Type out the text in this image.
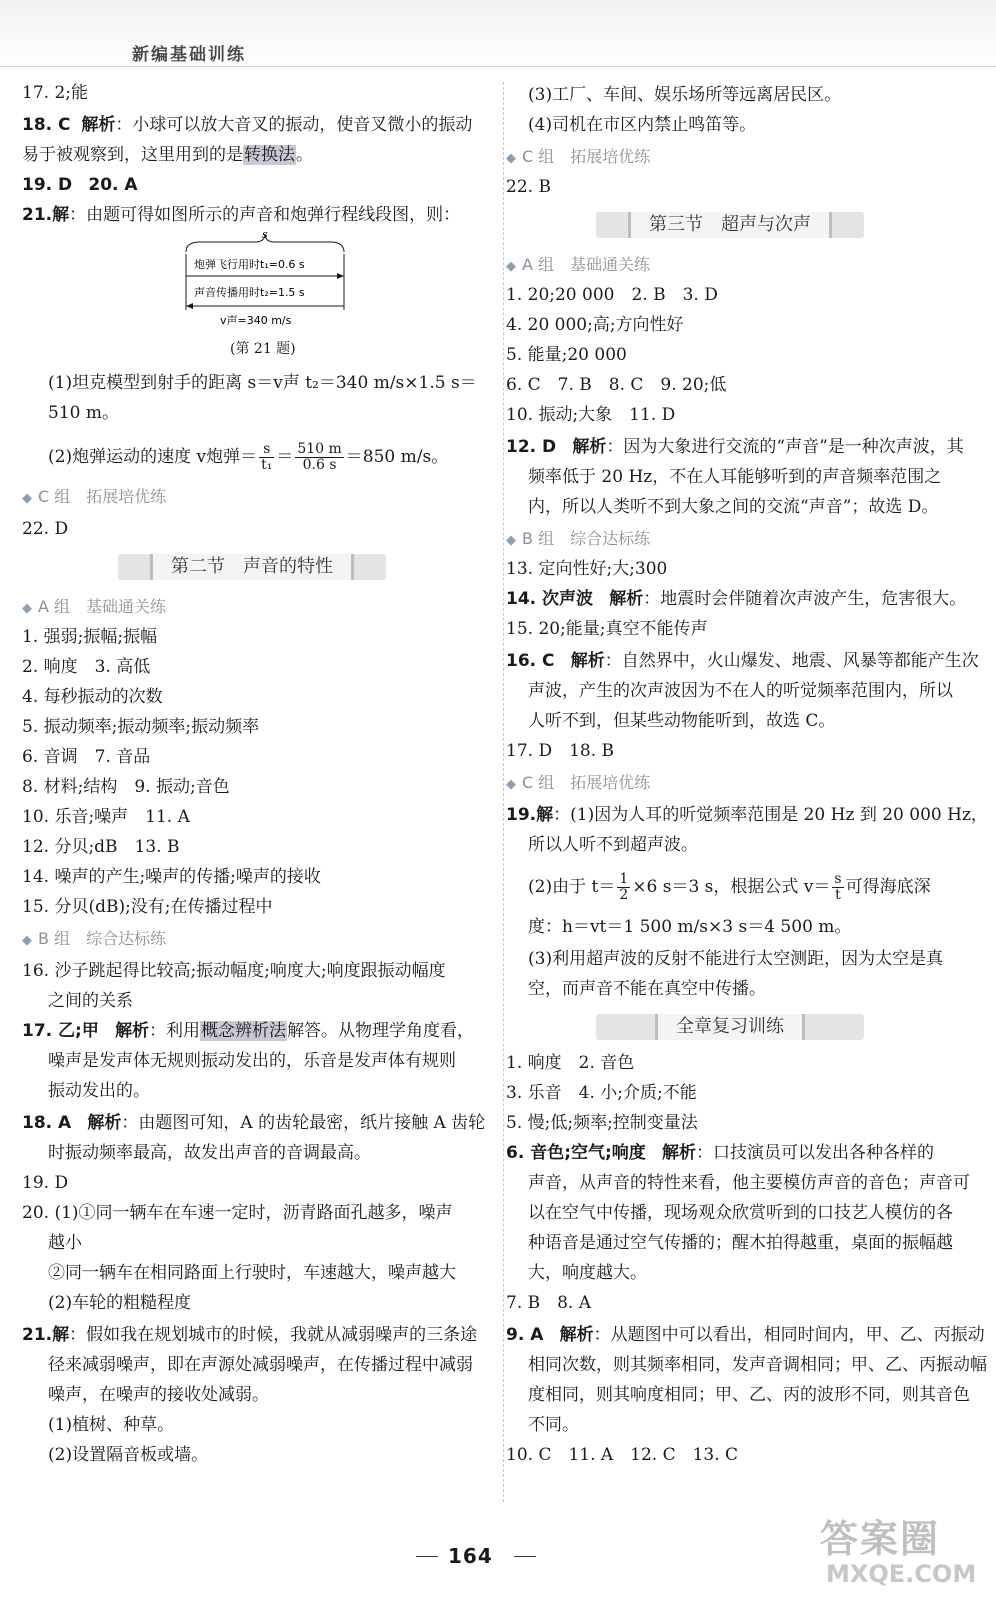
新编基础训练
17. 2;能
18. C 解析：小球可以放大音叉的振动，使音叉微小的振动
易于被观察到，这里用到的是转换法。
19. D 20. A
21.解：由题可得如图所示的声音和炮弹行程线段图，则：
s
炮弹飞行用时t₁=0.6 s
声音传播用时t₂=1.5 s
v声=340 m/s
(第 21 题)
(1)坦克模型到射手的距离 s＝v声 t₂＝340 m/s×1.5 s＝
510 m。
(2)炮弹运动的速度 v炮弹＝ $\frac{s}{\text{t₁}} = \frac{510 m}{0.6 s} =850$ m/s。
◆ C 组　拓展培优练
22. D
第二节　声音的特性
◆ A 组　基础通关练
1. 强弱;振幅;振幅
2. 响度　3. 高低
4. 每秒振动的次数
5. 振动频率;振动频率;振动频率
6. 音调　7. 音品
8. 材料;结构　9. 振动;音色
10. 乐音;噪声　11. A
12. 分贝;dB　13. B
14. 噪声的产生;噪声的传播;噪声的接收
15. 分贝(dB);没有;在传播过程中
◆ B 组　综合达标练
16. 沙子跳起得比较高;振动幅度;响度大;响度跟振动幅度
之间的关系
17. 乙;甲 解析：利用概念辨析法解答。从物理学角度看，
噪声是发声体无规则振动发出的，乐音是发声体有规则
振动发出的。
18. A 解析：由题图可知，A 的齿轮最密，纸片接触 A 齿轮
时振动频率最高，故发出声音的音调最高。
19. D
20. (1)①同一辆车在车速一定时，沥青路面孔越多，噪声
越小
②同一辆车在相同路面上行驶时，车速越大，噪声越大
(2)车轮的粗糙程度
21.解：假如我在规划城市的时候，我就从减弱噪声的三条途
径来减弱噪声，即在声源处减弱噪声，在传播过程中减弱
噪声，在噪声的接收处减弱。
(1)植树、种草。
(2)设置隔音板或墙。
(3)工厂、车间、娱乐场所等远离居民区。
(4)司机在市区内禁止鸣笛等。
◆ C 组　拓展培优练
22. B
第三节　超声与次声
◆ A 组　基础通关练
1. 20;20 000　2. B　3. D
4. 20 000;高;方向性好
5. 能量;20 000
6. C　7. B　8. C　9. 20;低
10. 振动;大象　11. D
12. D 解析：因为大象进行交流的“声音”是一种次声波，其
频率低于 20 Hz，不在人耳能够听到的声音频率范围之
内，所以人类听不到大象之间的交流“声音”；故选 D。
◆ B 组　综合达标练
13. 定向性好;大;300
14. 次声波 解析：地震时会伴随着次声波产生，危害很大。
15. 20;能量;真空不能传声
16. C 解析：自然界中，火山爆发、地震、风暴等都能产生次
声波，产生的次声波因为不在人的听觉频率范围内，所以
人听不到，但某些动物能听到，故选 C。
17. D　18. B
◆ C 组　拓展培优练
19.解：(1)因为人耳的听觉频率范围是 20 Hz 到 20 000 Hz，
所以人听不到超声波。
(2)由于 $t= \frac{1}{2} \times 6$ s＝3 s，根据公式 $v= \frac{s}{t}$ 可得海底深
度：h＝vt＝1 500 m/s×3 s＝4 500 m。
(3)利用超声波的反射不能进行太空测距，因为太空是真
空，而声音不能在真空中传播。
全章复习训练
1. 响度　2. 音色
3. 乐音　4. 小;介质;不能
5. 慢;低;频率;控制变量法
6. 音色;空气;响度 解析：口技演员可以发出各种各样的
声音，从声音的特性来看，他主要模仿声音的音色；声音可
以在空气中传播，现场观众欣赏听到的口技艺人模仿的各
种语音是通过空气传播的；醒木拍得越重，桌面的振幅越
大，响度越大。
7. B　8. A
9. A 解析：从题图中可以看出，相同时间内，甲、乙、丙振动
相同次数，则其频率相同，发声音调相同；甲、乙、丙振动幅
度相同，则其响度相同；甲、乙、丙的波形不同，则其音色
不同。
10. C　11. A　12. C　13. C
164	答案圈
MXQE.COM
